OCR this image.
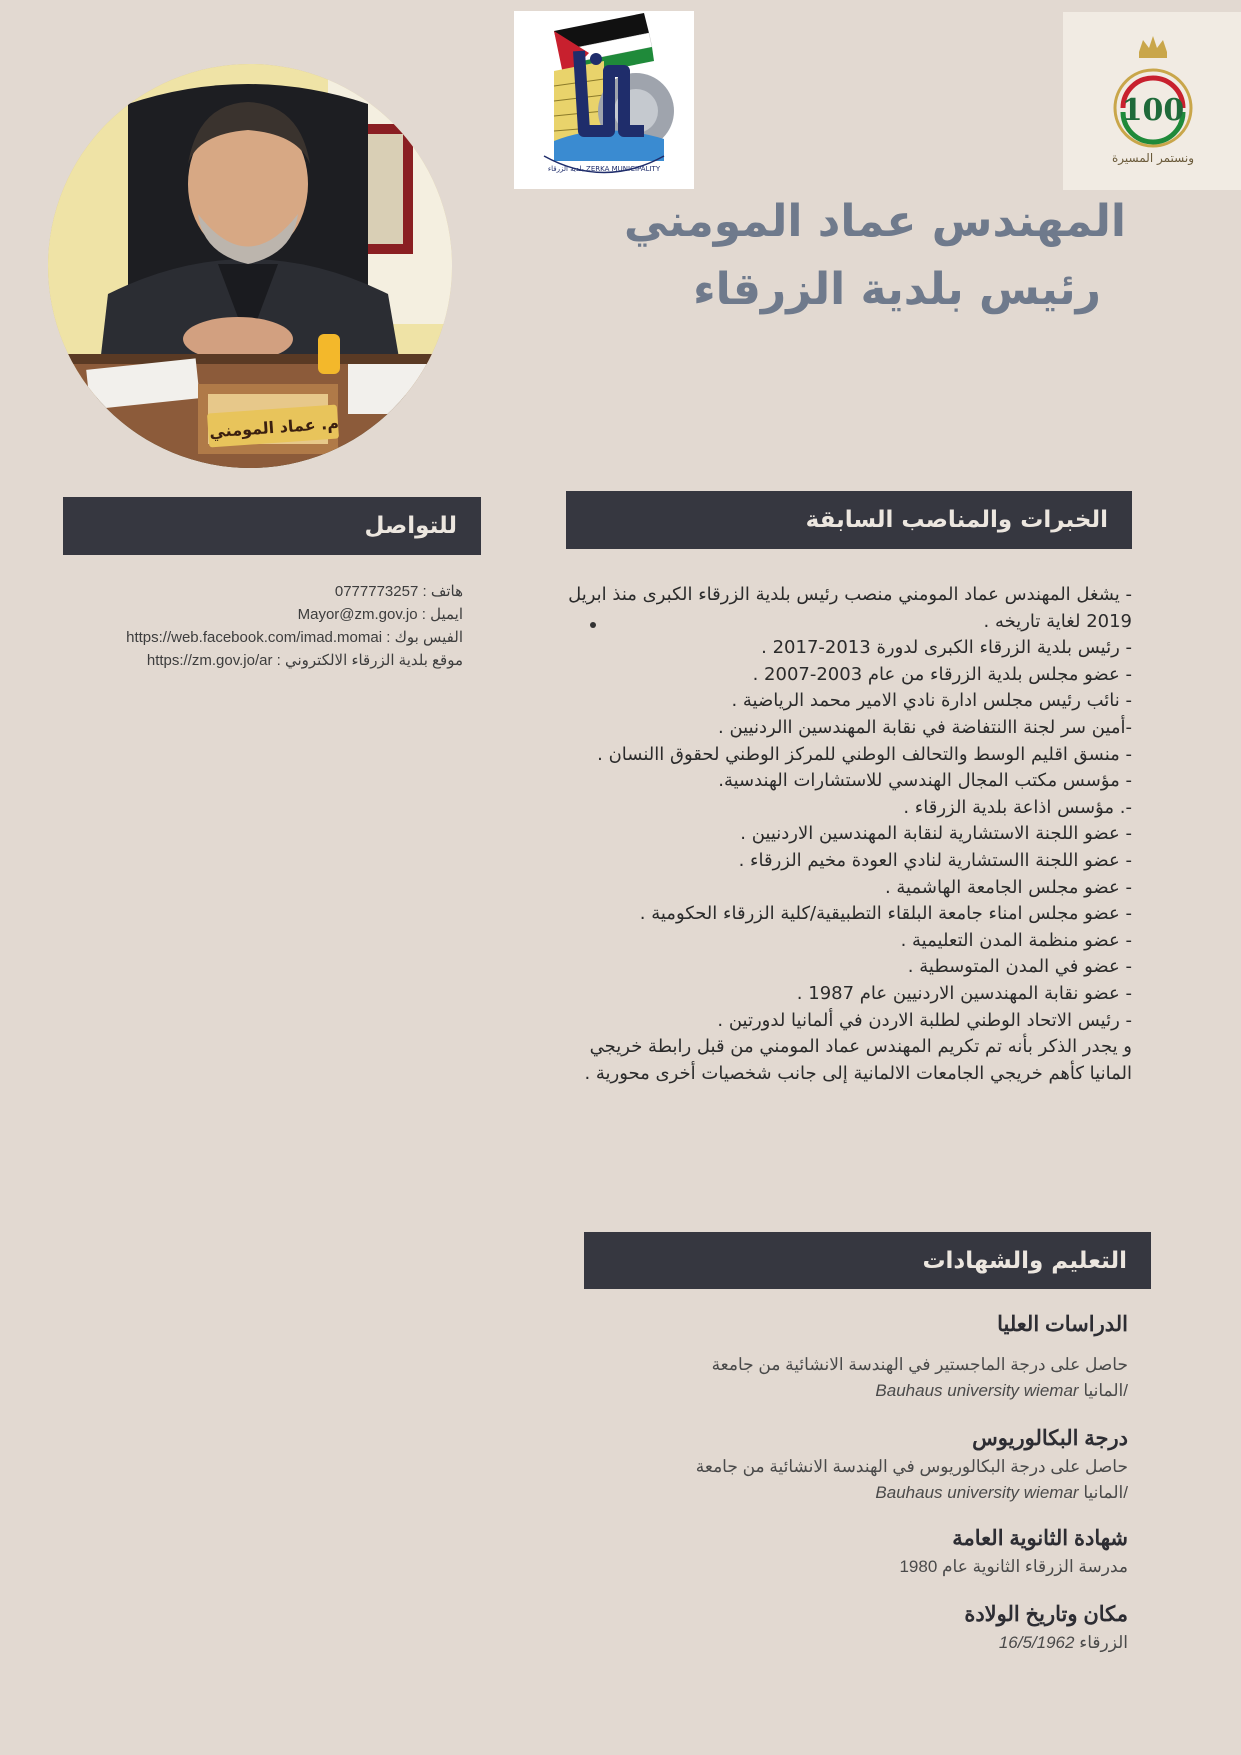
بلدية الزرقاء ZERKA MUNICIPALITY
100
ونستمر المسيرة
م. عماد المومني
المهندس عماد المومني
رئيس بلدية الزرقاء
للتواصل
هاتف : 0777773257
ايميل : Mayor@zm.gov.jo
الفيس بوك : https://web.facebook.com/imad.momai
موقع بلدية الزرقاء الالكتروني : https://zm.gov.jo/ar
الخبرات والمناصب السابقة
- يشغل المهندس عماد المومني منصب رئيس بلدية الزرقاء الكبرى منذ ابريل 2019 لغاية تاريخه .
- رئيس بلدية الزرقاء الكبرى لدورة 2013-2017 .
- عضو مجلس بلدية الزرقاء من عام 2003-2007 .
- نائب رئيس مجلس ادارة نادي الامير محمد الرياضية .
-أمين سر لجنة االنتفاضة في نقابة المهندسين االردنيين .
- منسق اقليم الوسط والتحالف الوطني للمركز الوطني لحقوق االنسان .
- مؤسس مكتب المجال الهندسي للاستشارات الهندسية.
-. مؤسس اذاعة بلدية الزرقاء .
- عضو اللجنة الاستشارية لنقابة المهندسين الاردنيين .
- عضو اللجنة االستشارية لنادي العودة مخيم الزرقاء .
- عضو مجلس الجامعة الهاشمية .
- عضو مجلس امناء جامعة البلقاء التطبيقية/كلية الزرقاء الحكومية .
- عضو منظمة المدن التعليمية .
- عضو في المدن المتوسطية .
- عضو نقابة المهندسين الاردنيين عام 1987 .
- رئيس الاتحاد الوطني لطلبة الاردن في ألمانيا لدورتين .
و يجدر الذكر بأنه تم تكريم المهندس عماد المومني من قبل رابطة خريجي المانيا كأهم خريجي الجامعات الالمانية إلى جانب شخصيات أخرى محورية .
التعليم والشهادات
الدراسات العليا
حاصل على درجة الماجستير في الهندسة الانشائية من جامعة
/المانيا Bauhaus university wiemar
درجة البكالوريوس
حاصل على درجة البكالوريوس في الهندسة الانشائية من جامعة
/المانيا Bauhaus university wiemar
شهادة الثانوية العامة
مدرسة الزرقاء الثانوية عام 1980
مكان وتاريخ الولادة
الزرقاء 16/5/1962
